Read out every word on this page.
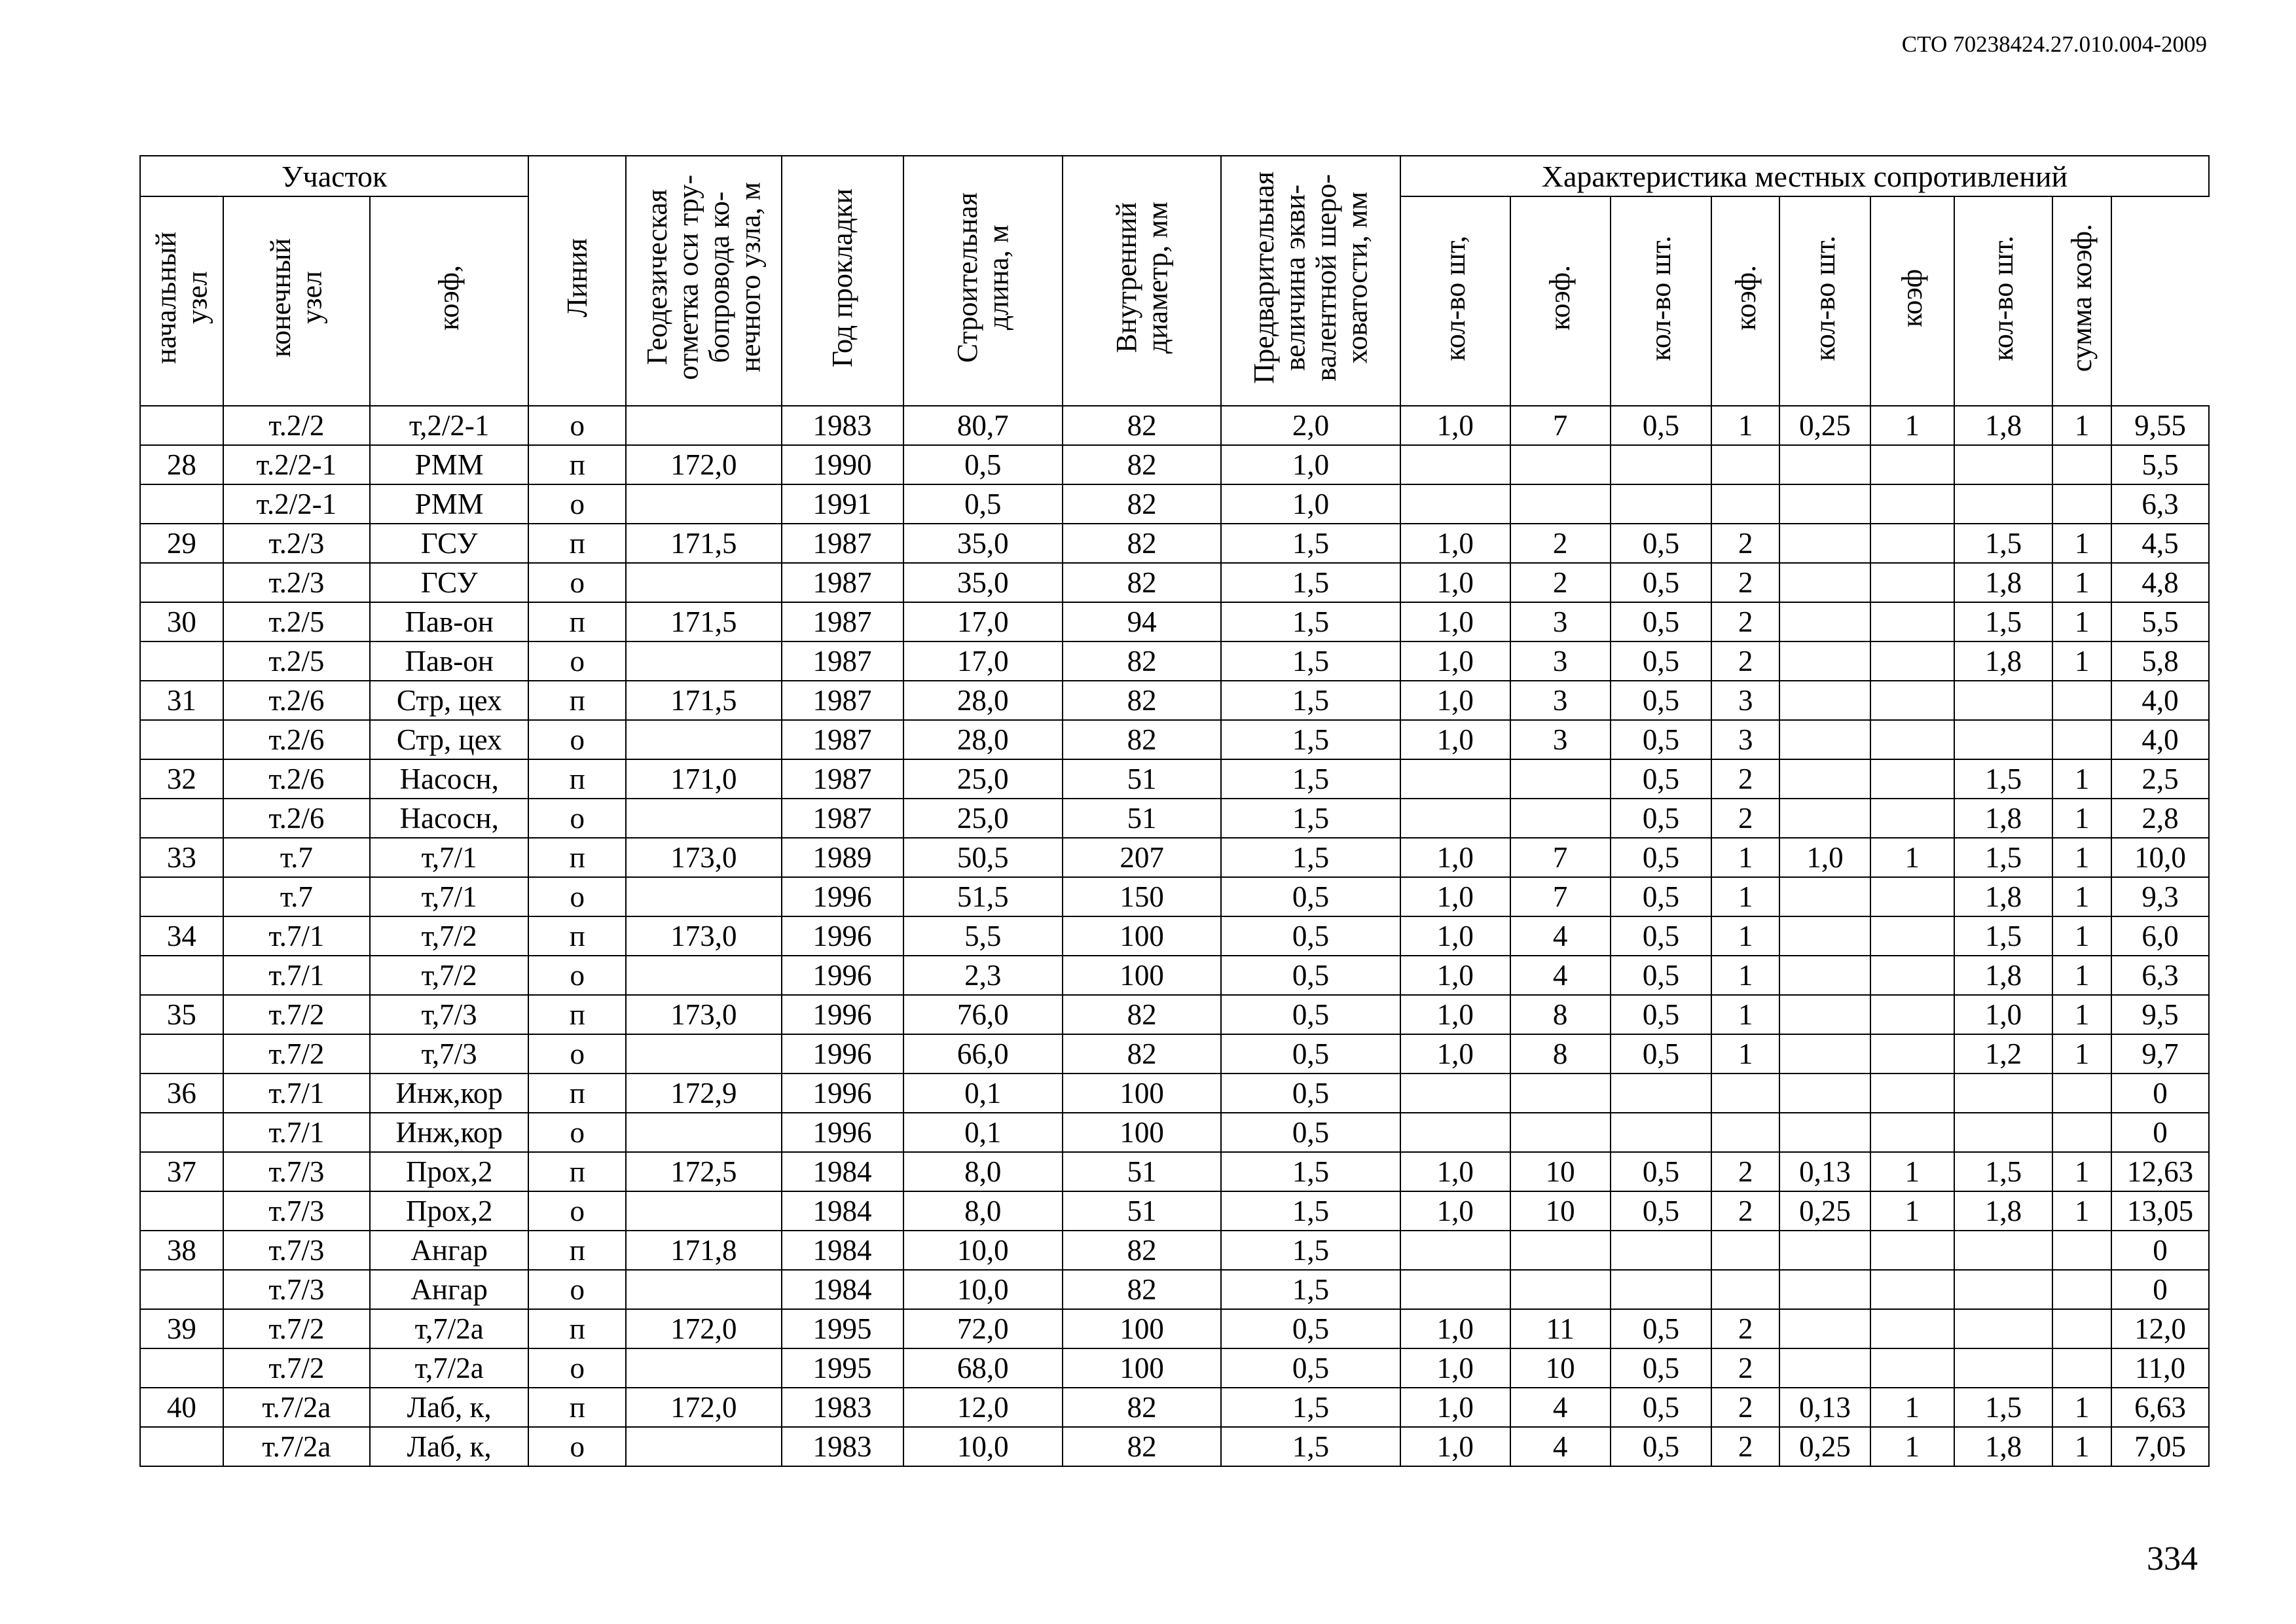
СТО 70238424.27.010.004-2009
Участок			Линия	Геодезическая
отметка оси тру-
бопровода ко-
нечного узла, м	Год прокладки	Строительная
длина, м	Внутренний
диаметр, мм	Предварительная
величина экви-
валентной шеро-
ховатости, мм	Характеристика местных сопротивлений								
начальный
узел	конечный
узел	коэф,							кол-во шт,	коэф.	кол-во шт.	коэф.	кол-во шт.	коэф	кол-во шт.	сумма коэф.	
	т.2/2	т,2/2-1	о		1983	80,7	82	2,0	1,0	7	0,5	1	0,25	1	1,8	1	9,55
28	т.2/2-1	РММ	п	172,0	1990	0,5	82	1,0									5,5
	т.2/2-1	РММ	о		1991	0,5	82	1,0									6,3
29	т.2/3	ГСУ	п	171,5	1987	35,0	82	1,5	1,0	2	0,5	2			1,5	1	4,5
	т.2/3	ГСУ	о		1987	35,0	82	1,5	1,0	2	0,5	2			1,8	1	4,8
30	т.2/5	Пав-он	п	171,5	1987	17,0	94	1,5	1,0	3	0,5	2			1,5	1	5,5
	т.2/5	Пав-он	о		1987	17,0	82	1,5	1,0	3	0,5	2			1,8	1	5,8
31	т.2/6	Стр, цех	п	171,5	1987	28,0	82	1,5	1,0	3	0,5	3					4,0
	т.2/6	Стр, цех	о		1987	28,0	82	1,5	1,0	3	0,5	3					4,0
32	т.2/6	Насосн,	п	171,0	1987	25,0	51	1,5			0,5	2			1,5	1	2,5
	т.2/6	Насосн,	о		1987	25,0	51	1,5			0,5	2			1,8	1	2,8
33	т.7	т,7/1	п	173,0	1989	50,5	207	1,5	1,0	7	0,5	1	1,0	1	1,5	1	10,0
	т.7	т,7/1	о		1996	51,5	150	0,5	1,0	7	0,5	1			1,8	1	9,3
34	т.7/1	т,7/2	п	173,0	1996	5,5	100	0,5	1,0	4	0,5	1			1,5	1	6,0
	т.7/1	т,7/2	о		1996	2,3	100	0,5	1,0	4	0,5	1			1,8	1	6,3
35	т.7/2	т,7/3	п	173,0	1996	76,0	82	0,5	1,0	8	0,5	1			1,0	1	9,5
	т.7/2	т,7/3	о		1996	66,0	82	0,5	1,0	8	0,5	1			1,2	1	9,7
36	т.7/1	Инж,кор	п	172,9	1996	0,1	100	0,5									0
	т.7/1	Инж,кор	о		1996	0,1	100	0,5									0
37	т.7/3	Прох,2	п	172,5	1984	8,0	51	1,5	1,0	10	0,5	2	0,13	1	1,5	1	12,63
	т.7/3	Прох,2	о		1984	8,0	51	1,5	1,0	10	0,5	2	0,25	1	1,8	1	13,05
38	т.7/3	Ангар	п	171,8	1984	10,0	82	1,5									0
	т.7/3	Ангар	о		1984	10,0	82	1,5									0
39	т.7/2	т,7/2а	п	172,0	1995	72,0	100	0,5	1,0	11	0,5	2					12,0
	т.7/2	т,7/2а	о		1995	68,0	100	0,5	1,0	10	0,5	2					11,0
40	т.7/2а	Лаб, к,	п	172,0	1983	12,0	82	1,5	1,0	4	0,5	2	0,13	1	1,5	1	6,63
	т.7/2а	Лаб, к,	о		1983	10,0	82	1,5	1,0	4	0,5	2	0,25	1	1,8	1	7,05
334
